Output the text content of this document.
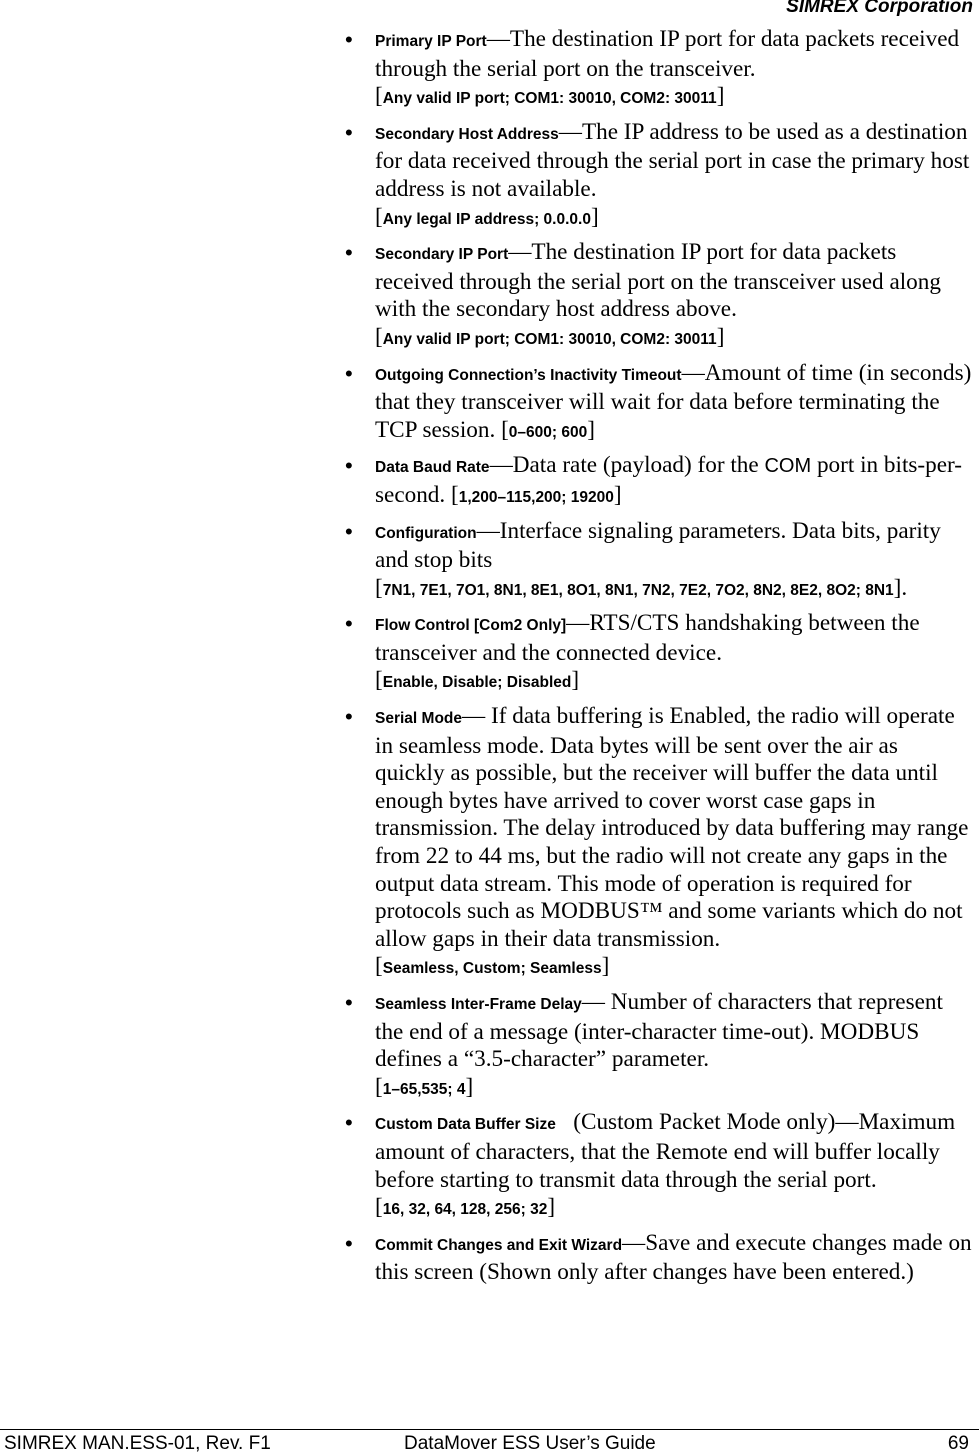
SIMREX Corporation
• Primary IP Port—The destination IP port for data packets received through the serial port on the transceiver.
[Any valid IP port; COM1: 30010, COM2: 30011]
• Secondary Host Address—The IP address to be used as a destination for data received through the serial port in case the primary host address is not available.
[Any legal IP address; 0.0.0.0]
• Secondary IP Port—The destination IP port for data packets received through the serial port on the transceiver used along with the secondary host address above.
[Any valid IP port; COM1: 30010, COM2: 30011]
• Outgoing Connection’s Inactivity Timeout—Amount of time (in seconds) that they transceiver will wait for data before terminating the TCP session. [0–600; 600]
• Data Baud Rate—Data rate (payload) for the COM port in bits-per-second. [1,200–115,200; 19200]
• Configuration—Interface signaling parameters. Data bits, parity and stop bits
[7N1, 7E1, 7O1, 8N1, 8E1, 8O1, 8N1, 7N2, 7E2, 7O2, 8N2, 8E2, 8O2; 8N1].
• Flow Control [Com2 Only]—RTS/CTS handshaking between the transceiver and the connected device.
[Enable, Disable; Disabled]
• Serial Mode— If data buffering is Enabled, the radio will operate in seamless mode. Data bytes will be sent over the air as quickly as possible, but the receiver will buffer the data until enough bytes have arrived to cover worst case gaps in transmission. The delay introduced by data buffering may range from 22 to 44 ms, but the radio will not create any gaps in the output data stream. This mode of operation is required for protocols such as MODBUS™ and some variants which do not allow gaps in their data transmission.
[Seamless, Custom; Seamless]
• Seamless Inter-Frame Delay— Number of characters that represent the end of a message (inter-character time-out). MODBUS defines a “3.5-character” parameter.
[1–65,535; 4]
• Custom Data Buffer Size (Custom Packet Mode only)—Maximum amount of characters, that the Remote end will buffer locally before starting to transmit data through the serial port.
[16, 32, 64, 128, 256; 32]
• Commit Changes and Exit Wizard—Save and execute changes made on this screen (Shown only after changes have been entered.)
SIMREX MAN.ESS-01, Rev. F1	DataMover ESS User’s Guide	69
